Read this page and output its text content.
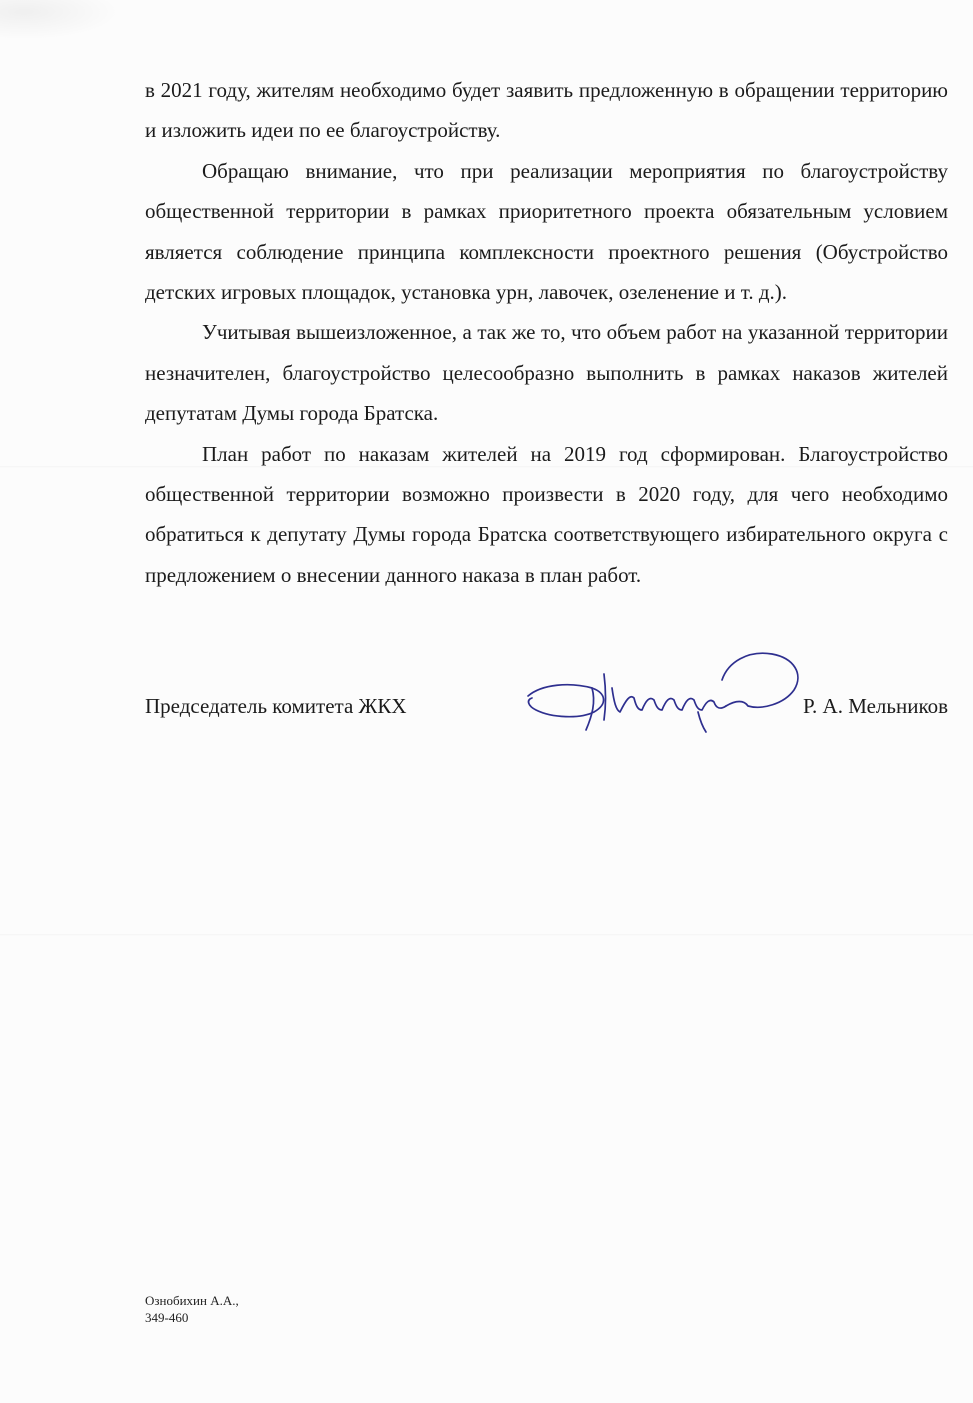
в 2021 году, жителям необходимо будет заявить предложенную в обращении территорию и изложить идеи по ее благоустройству.

Обращаю внимание, что при реализации мероприятия по благоустройству общественной территории в рамках приоритетного проекта обязательным условием является соблюдение принципа комплексности проектного решения (Обустройство детских игровых площадок, установка урн, лавочек, озеленение и т. д.).

Учитывая вышеизложенное, а так же то, что объем работ на указанной территории незначителен, благоустройство целесообразно выполнить в рамках наказов жителей депутатам Думы города Братска.

План работ по наказам жителей на 2019 год сформирован. Благоустройство общественной территории возможно произвести в 2020 году, для чего необходимо обратиться к депутату Думы города Братска соответствующего избирательного округа с предложением о внесении данного наказа в план работ.

Председатель комитета ЖКХ	Р. А. Мельников
Ознобихин А.А.,
349-460
